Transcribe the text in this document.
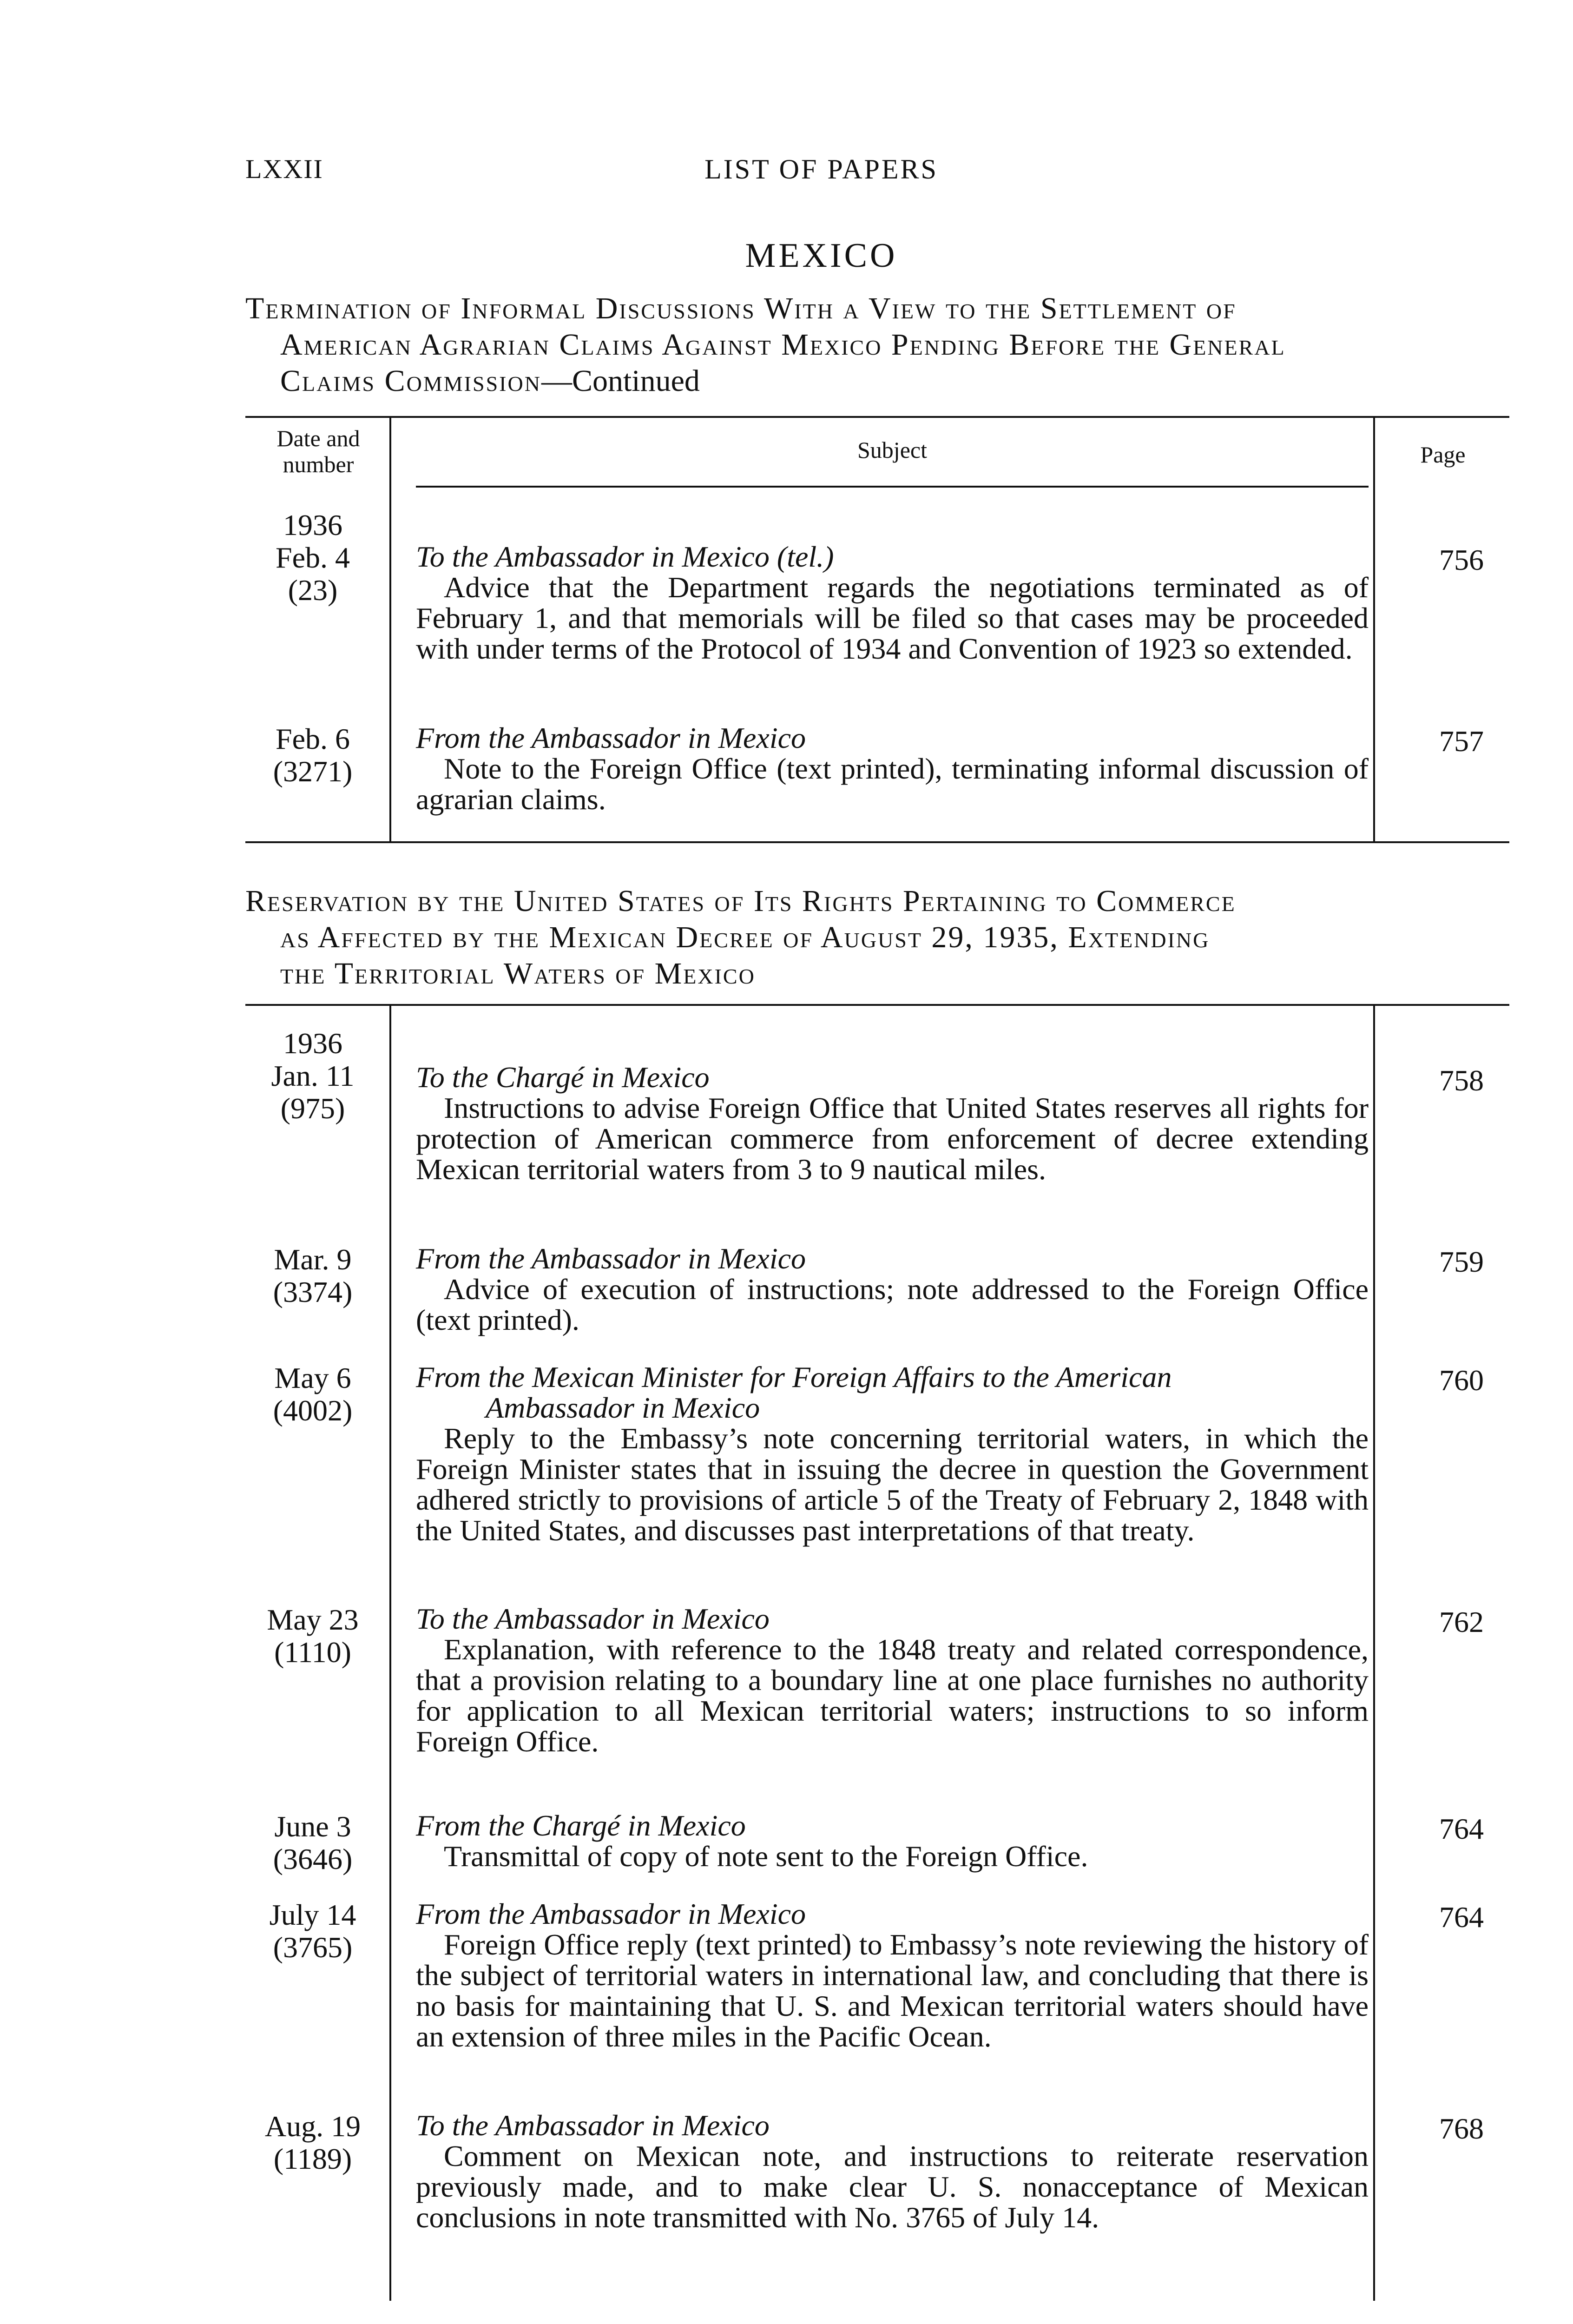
LXXII	LIST OF PAPERS
MEXICO
Termination of Informal Discussions With a View to the Settlement of
American Agrarian Claims Against Mexico Pending Before the General
Claims Commission—Continued
Date and
number
Subject	Page
1936
Feb. 4
(23)
To the Ambassador in Mexico (tel.)
Advice that the Department regards the negotiations terminated as of February 1, and that memorials will be filed so that cases may be proceeded with under terms of the Protocol of 1934 and Convention of 1923 so extended.
756
Feb. 6
(3271)
From the Ambassador in Mexico
Note to the Foreign Office (text printed), terminating informal discussion of agrarian claims.
757
Reservation by the United States of Its Rights Pertaining to Commerce
as Affected by the Mexican Decree of August 29, 1935, Extending
the Territorial Waters of Mexico
1936
Jan. 11
(975)
To the Chargé in Mexico
Instructions to advise Foreign Office that United States reserves all rights for protection of American commerce from enforcement of decree extending Mexican territorial waters from 3 to 9 nautical miles.
758
Mar. 9
(3374)
From the Ambassador in Mexico
Advice of execution of instructions; note addressed to the Foreign Office (text printed).
759
May 6
(4002)
From the Mexican Minister for Foreign Affairs to the American
Ambassador in Mexico
Reply to the Embassy’s note concerning territorial waters, in which the Foreign Minister states that in issuing the decree in question the Government adhered strictly to provisions of article 5 of the Treaty of February 2, 1848 with the United States, and discusses past interpretations of that treaty.
760
May 23
(1110)
To the Ambassador in Mexico
Explanation, with reference to the 1848 treaty and related correspondence, that a provision relating to a boundary line at one place furnishes no authority for application to all Mexican territorial waters; instructions to so inform Foreign Office.
762
June 3
(3646)
From the Chargé in Mexico
Transmittal of copy of note sent to the Foreign Office.
764
July 14
(3765)
From the Ambassador in Mexico
Foreign Office reply (text printed) to Embassy’s note reviewing the history of the subject of territorial waters in international law, and concluding that there is no basis for maintaining that U. S. and Mexican territorial waters should have an extension of three miles in the Pacific Ocean.
764
Aug. 19
(1189)
To the Ambassador in Mexico
Comment on Mexican note, and instructions to reiterate reservation previously made, and to make clear U. S. nonacceptance of Mexican conclusions in note transmitted with No. 3765 of July 14.
768
